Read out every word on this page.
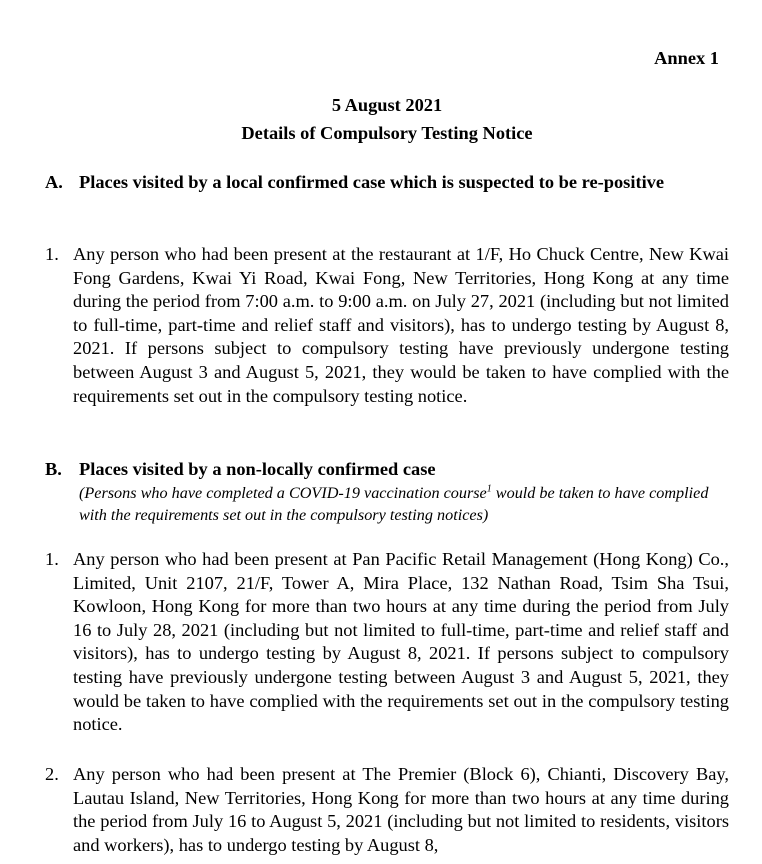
Annex 1
5 August 2021
Details of Compulsory Testing Notice
A. Places visited by a local confirmed case which is suspected to be re-positive
1. Any person who had been present at the restaurant at 1/F, Ho Chuck Centre, New Kwai Fong Gardens, Kwai Yi Road, Kwai Fong, New Territories, Hong Kong at any time during the period from 7:00 a.m. to 9:00 a.m. on July 27, 2021 (including but not limited to full-time, part-time and relief staff and visitors), has to undergo testing by August 8, 2021. If persons subject to compulsory testing have previously undergone testing between August 3 and August 5, 2021, they would be taken to have complied with the requirements set out in the compulsory testing notice.
B. Places visited by a non-locally confirmed case
(Persons who have completed a COVID-19 vaccination course$^1$ would be taken to have complied with the requirements set out in the compulsory testing notices)
1. Any person who had been present at Pan Pacific Retail Management (Hong Kong) Co., Limited, Unit 2107, 21/F, Tower A, Mira Place, 132 Nathan Road, Tsim Sha Tsui, Kowloon, Hong Kong for more than two hours at any time during the period from July 16 to July 28, 2021 (including but not limited to full-time, part-time and relief staff and visitors), has to undergo testing by August 8, 2021. If persons subject to compulsory testing have previously undergone testing between August 3 and August 5, 2021, they would be taken to have complied with the requirements set out in the compulsory testing notice.
2. Any person who had been present at The Premier (Block 6), Chianti, Discovery Bay, Lautau Island, New Territories, Hong Kong for more than two hours at any time during the period from July 16 to August 5, 2021 (including but not limited to residents, visitors and workers), has to undergo testing by August 8,
